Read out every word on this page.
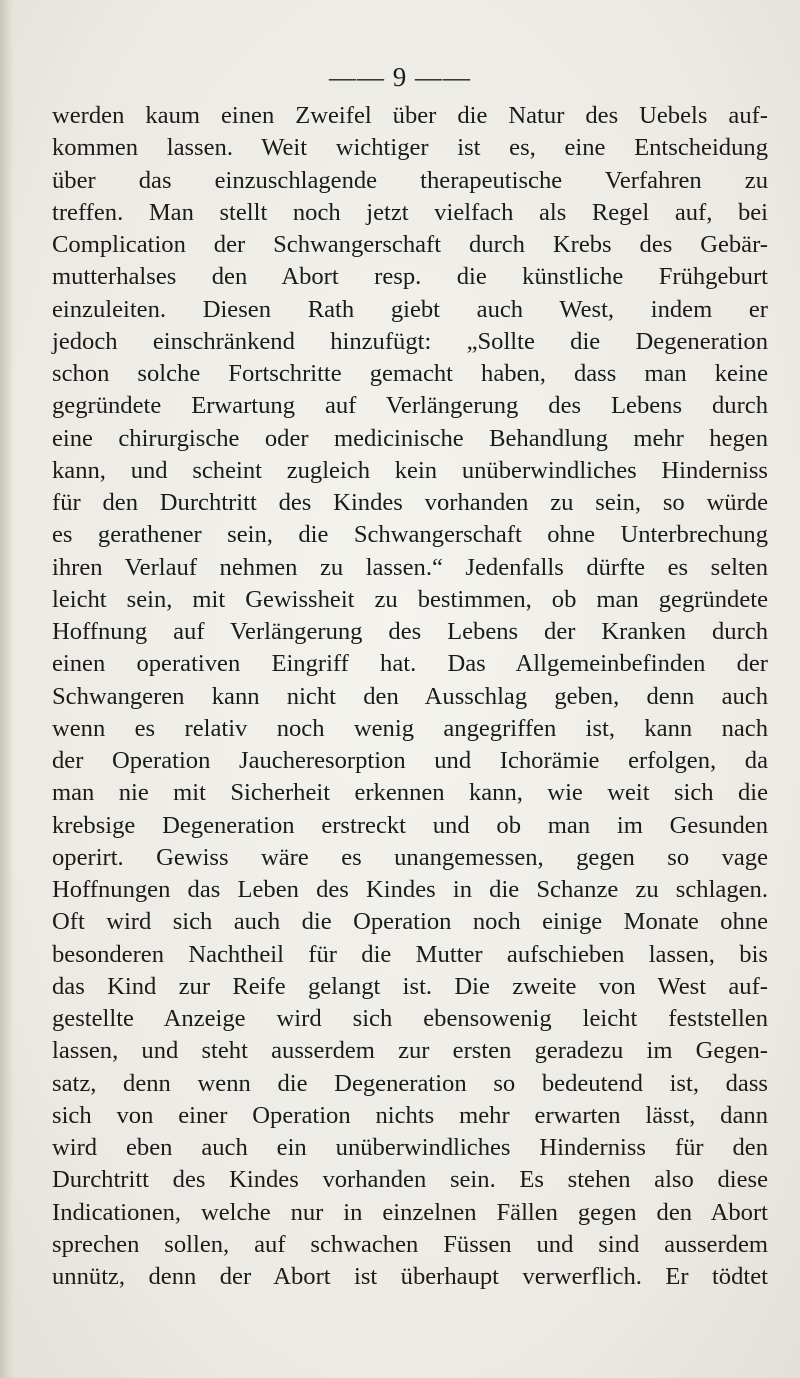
—— 9 ——
werden kaum einen Zweifel über die Natur des Uebels auf-
kommen lassen. Weit wichtiger ist es, eine Entscheidung
über das einzuschlagende therapeutische Verfahren zu
treffen. Man stellt noch jetzt vielfach als Regel auf, bei
Complication der Schwangerschaft durch Krebs des Gebär-
mutterhalses den Abort resp. die künstliche Frühgeburt
einzuleiten. Diesen Rath giebt auch West, indem er
jedoch einschränkend hinzufügt: „Sollte die Degeneration
schon solche Fortschritte gemacht haben, dass man keine
gegründete Erwartung auf Verlängerung des Lebens durch
eine chirurgische oder medicinische Behandlung mehr hegen
kann, und scheint zugleich kein unüberwindliches Hinderniss
für den Durchtritt des Kindes vorhanden zu sein, so würde
es gerathener sein, die Schwangerschaft ohne Unterbrechung
ihren Verlauf nehmen zu lassen.“ Jedenfalls dürfte es selten
leicht sein, mit Gewissheit zu bestimmen, ob man gegründete
Hoffnung auf Verlängerung des Lebens der Kranken durch
einen operativen Eingriff hat. Das Allgemeinbefinden der
Schwangeren kann nicht den Ausschlag geben, denn auch
wenn es relativ noch wenig angegriffen ist, kann nach
der Operation Jaucheresorption und Ichorämie erfolgen, da
man nie mit Sicherheit erkennen kann, wie weit sich die
krebsige Degeneration erstreckt und ob man im Gesunden
operirt. Gewiss wäre es unangemessen, gegen so vage
Hoffnungen das Leben des Kindes in die Schanze zu schlagen.
Oft wird sich auch die Operation noch einige Monate ohne
besonderen Nachtheil für die Mutter aufschieben lassen, bis
das Kind zur Reife gelangt ist. Die zweite von West auf-
gestellte Anzeige wird sich ebensowenig leicht feststellen
lassen, und steht ausserdem zur ersten geradezu im Gegen-
satz, denn wenn die Degeneration so bedeutend ist, dass
sich von einer Operation nichts mehr erwarten lässt, dann
wird eben auch ein unüberwindliches Hinderniss für den
Durchtritt des Kindes vorhanden sein. Es stehen also diese
Indicationen, welche nur in einzelnen Fällen gegen den Abort
sprechen sollen, auf schwachen Füssen und sind ausserdem
unnütz, denn der Abort ist überhaupt verwerflich. Er tödtet
